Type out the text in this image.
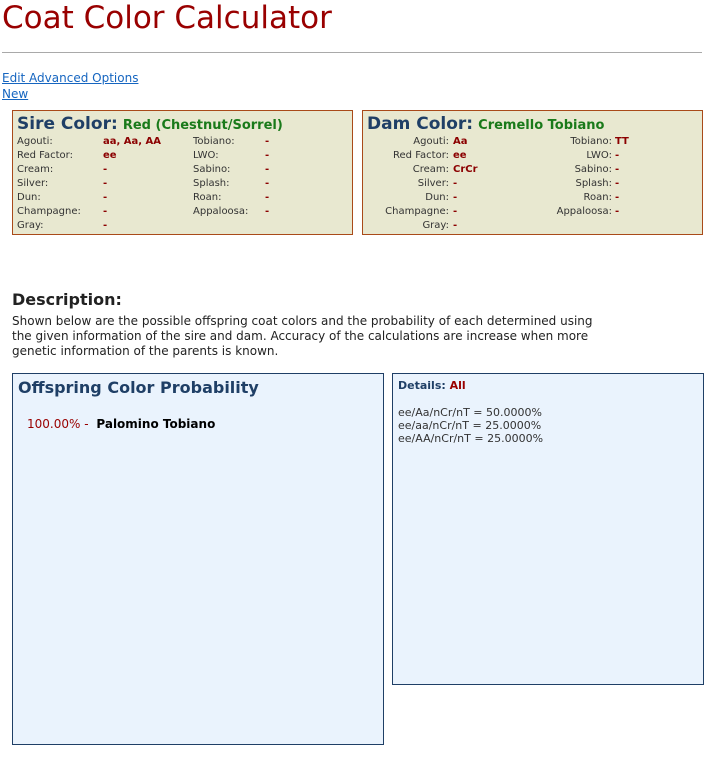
Coat Color Calculator
Edit Advanced Options
New
Sire Color: Red (Chestnut/Sorrel)
Agouti:	aa, Aa, AA
Red Factor:	ee
Cream:	-
Silver:	-
Dun:	-
Champagne: -
Gray:	-
Tobiano:	-
LWO:	-
Sabino:	-
Splash:	-
Roan:	-
Appaloosa: -
Dam Color: Cremello Tobiano
Agouti: Aa
Red Factor: ee
Cream: CrCr
Silver: -
Dun: -
Champagne: -
Gray: -
Tobiano: TT
LWO: -
Sabino: -
Splash: -
Roan: -
Appaloosa: -
Description:

Shown below are the possible offspring coat colors and the probability of each determined using the given information of the sire and dam. Accuracy of the calculations are increase when more genetic information of the parents is known.

Offspring Color Probability
100.00% - Palomino Tobiano
Details: All
ee/Aa/nCr/nT = 50.0000%
ee/aa/nCr/nT = 25.0000%
ee/AA/nCr/nT = 25.0000%
